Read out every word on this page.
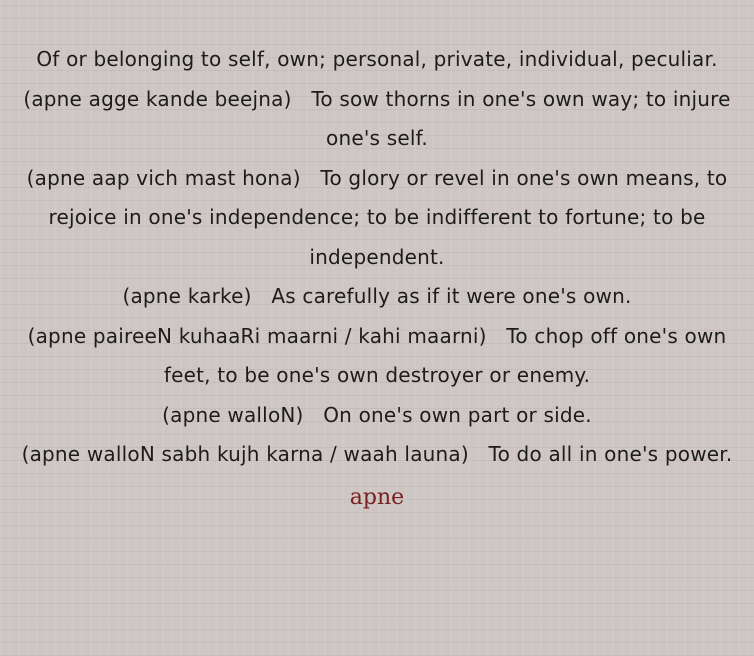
Of or belonging to self, own; personal, private, individual, peculiar.
(apne agge kande beejna) To sow thorns in one's own way; to injure one's self.
(apne aap vich mast hona) To glory or revel in one's own means, to rejoice in one's independence; to be indifferent to fortune; to be independent.
(apne karke) As carefully as if it were one's own.
(apne paireeN kuhaaRi maarni / kahi maarni) To chop off one's own feet, to be one's own destroyer or enemy.
(apne walloN) On one's own part or side.
(apne walloN sabh kujh karna / waah launa) To do all in one's power.
apne
